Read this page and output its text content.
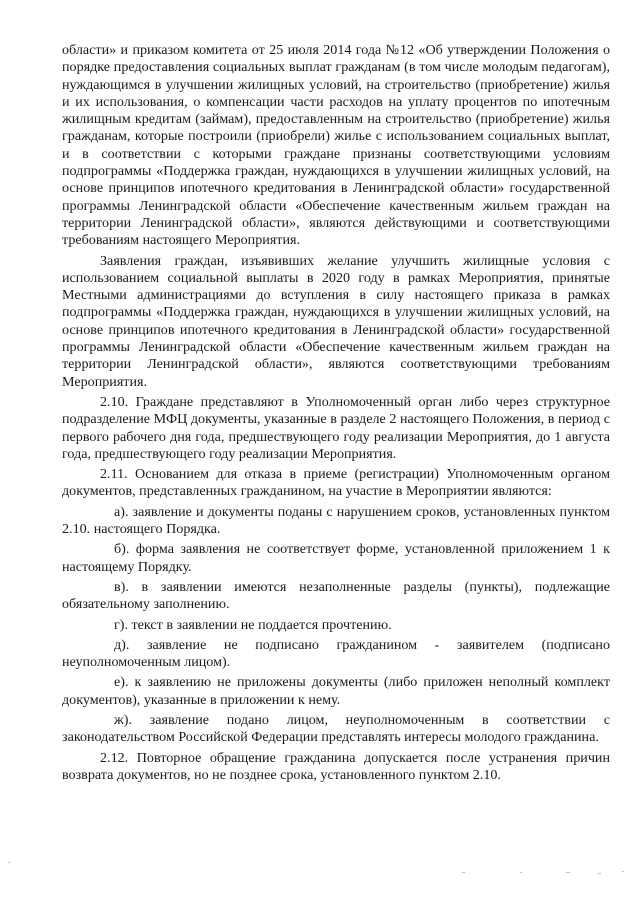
области» и приказом комитета от 25 июля 2014 года №12 «Об утверждении Положения о порядке предоставления социальных выплат гражданам (в том числе молодым педагогам), нуждающимся в улучшении жилищных условий, на строительство (приобретение) жилья и их использования, о компенсации части расходов на уплату процентов по ипотечным жилищным кредитам (займам), предоставленным на строительство (приобретение) жилья гражданам, которые построили (приобрели) жилье с использованием социальных выплат, и в соответствии с которыми граждане признаны соответствующими условиям подпрограммы «Поддержка граждан, нуждающихся в улучшении жилищных условий, на основе принципов ипотечного кредитования в Ленинградской области» государственной программы Ленинградской области «Обеспечение качественным жильем граждан на территории Ленинградской области», являются действующими и соответствующими требованиям настоящего Мероприятия.

Заявления граждан, изъявивших желание улучшить жилищные условия с использованием социальной выплаты в 2020 году в рамках Мероприятия, принятые Местными администрациями до вступления в силу настоящего приказа в рамках подпрограммы «Поддержка граждан, нуждающихся в улучшении жилищных условий, на основе принципов ипотечного кредитования в Ленинградской области» государственной программы Ленинградской области «Обеспечение качественным жильем граждан на территории Ленинградской области», являются соответствующими требованиям Мероприятия.

2.10. Граждане представляют в Уполномоченный орган либо через структурное подразделение МФЦ документы, указанные в разделе 2 настоящего Положения, в период с первого рабочего дня года, предшествующего году реализации Мероприятия, до 1 августа года, предшествующего году реализации Мероприятия.

2.11. Основанием для отказа в приеме (регистрации) Уполномоченным органом документов, представленных гражданином, на участие в Мероприятии являются:

а). заявление и документы поданы с нарушением сроков, установленных пунктом 2.10. настоящего Порядка.

б). форма заявления не соответствует форме, установленной приложением 1 к настоящему Порядку.

в). в заявлении имеются незаполненные разделы (пункты), подлежащие обязательному заполнению.

г). текст в заявлении не поддается прочтению.

д). заявление не подписано гражданином - заявителем (подписано неуполномоченным лицом).

е). к заявлению не приложены документы (либо приложен неполный комплект документов), указанные в приложении к нему.

ж). заявление подано лицом, неуполномоченным в соответствии с законодательством Российской Федерации представлять интересы молодого гражданина.

2.12. Повторное обращение гражданина допускается после устранения причин возврата документов, но не позднее срока, установленного пунктом 2.10.
